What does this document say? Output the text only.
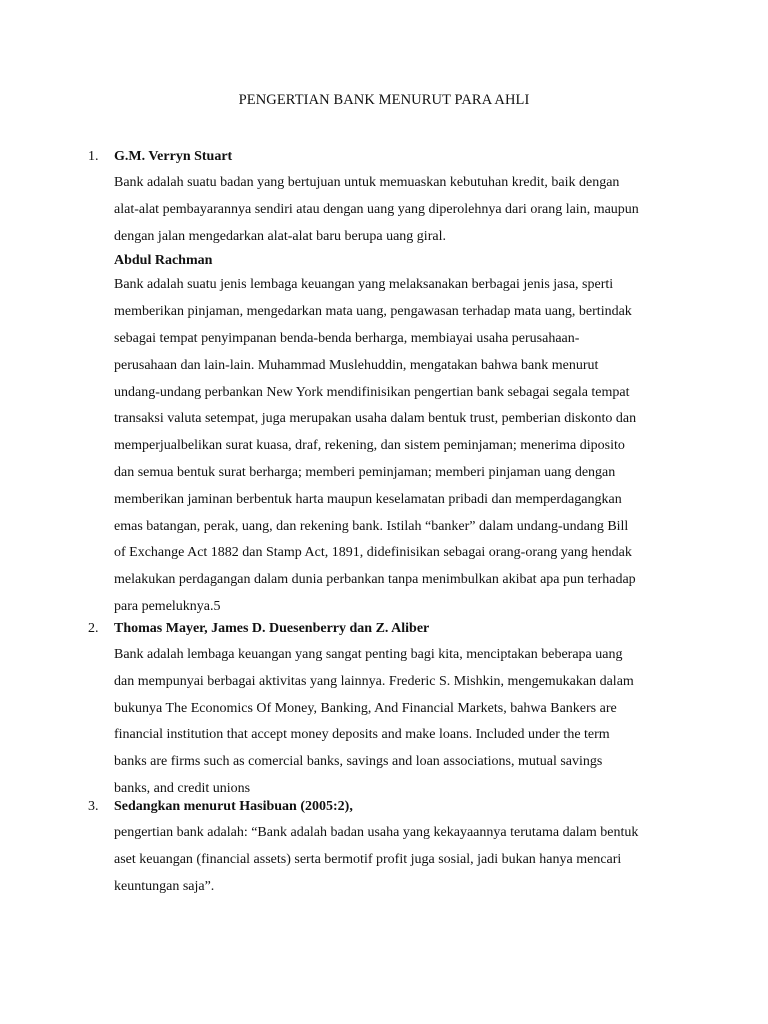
PENGERTIAN BANK MENURUT PARA AHLI
1. G.M. Verryn Stuart
Bank adalah suatu badan yang bertujuan untuk memuaskan kebutuhan kredit, baik dengan
alat-alat pembayarannya sendiri atau dengan uang yang diperolehnya dari orang lain, maupun
dengan jalan mengedarkan alat-alat baru berupa uang giral.
Abdul Rachman
Bank adalah suatu jenis lembaga keuangan yang melaksanakan berbagai jenis jasa, sperti
memberikan pinjaman, mengedarkan mata uang, pengawasan terhadap mata uang, bertindak
sebagai tempat penyimpanan benda-benda berharga, membiayai usaha perusahaan-
perusahaan dan lain-lain. Muhammad Muslehuddin, mengatakan bahwa bank menurut
undang-undang perbankan New York mendifinisikan pengertian bank sebagai segala tempat
transaksi valuta setempat, juga merupakan usaha dalam bentuk trust, pemberian diskonto dan
memperjualbelikan surat kuasa, draf, rekening, dan sistem peminjaman; menerima diposito
dan semua bentuk surat berharga; memberi peminjaman; memberi pinjaman uang dengan
memberikan jaminan berbentuk harta maupun keselamatan pribadi dan memperdagangkan
emas batangan, perak, uang, dan rekening bank. Istilah “banker” dalam undang-undang Bill
of Exchange Act 1882 dan Stamp Act, 1891, didefinisikan sebagai orang-orang yang hendak
melakukan perdagangan dalam dunia perbankan tanpa menimbulkan akibat apa pun terhadap
para pemeluknya.5
2. Thomas Mayer, James D. Duesenberry dan Z. Aliber
Bank adalah lembaga keuangan yang sangat penting bagi kita, menciptakan beberapa uang
dan mempunyai berbagai aktivitas yang lainnya. Frederic S. Mishkin, mengemukakan dalam
bukunya The Economics Of Money, Banking, And Financial Markets, bahwa Bankers are
financial institution that accept money deposits and make loans. Included under the term
banks are firms such as comercial banks, savings and loan associations, mutual savings
banks, and credit unions
3. Sedangkan menurut Hasibuan (2005:2),
pengertian bank adalah: “Bank adalah badan usaha yang kekayaannya terutama dalam bentuk
aset keuangan (financial assets) serta bermotif profit juga sosial, jadi bukan hanya mencari
keuntungan saja”.
